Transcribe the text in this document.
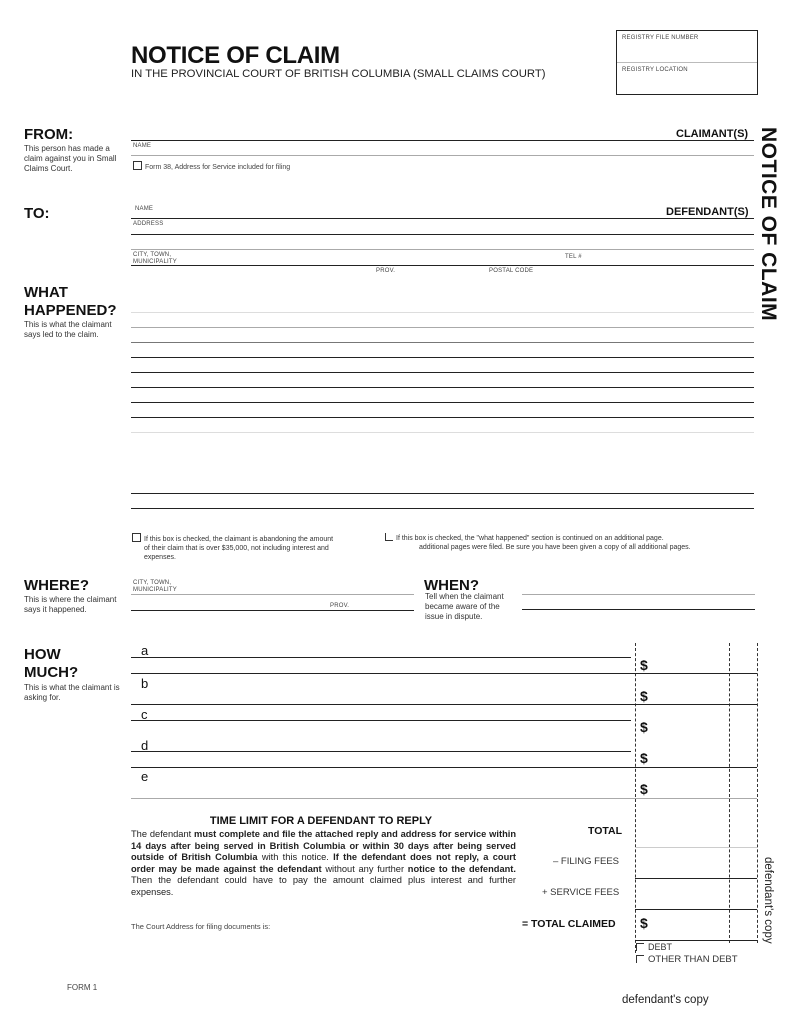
NOTICE OF CLAIM
IN THE PROVINCIAL COURT OF BRITISH COLUMBIA (SMALL CLAIMS COURT)
REGISTRY FILE NUMBER
REGISTRY LOCATION
NOTICE OF CLAIM
FROM:
This person has made a claim against you in Small Claims Court.
CLAIMANT(S)
NAME
Form 38, Address for Service included for filing
TO:	NAME	DEFENDANT(S)
ADDRESS
CITY, TOWN,
MUNICIPALITY
TEL #
PROV.	POSTAL CODE
WHAT
HAPPENED?
This is what the claimant says led to the claim.
If this box is checked, the claimant is abandoning the amount
of their claim that is over $35,000, not including interest and
expenses.
If this box is checked, the "what happened" section is continued on an additional page.
additional pages were filed. Be sure you have been given a copy of all additional pages.
WHERE?
This is where the claimant says it happened.
CITY, TOWN,
MUNICIPALITY
PROV.
WHEN?
Tell when the claimant became aware of the issue in dispute.
HOW
MUCH?
This is what the claimant is asking for.
a
$
b
$
c
$
d
$
e
$
TIME LIMIT FOR A DEFENDANT TO REPLY
The defendant must complete and file the attached reply and address for service within 14 days after being served in British Columbia or within 30 days after being served outside of British Columbia with this notice. If the defendant does not reply, a court order may be made against the defendant without any further notice to the defendant. Then the defendant could have to pay the amount claimed plus interest and further expenses.
The Court Address for filing documents is:
TOTAL
– FILING FEES
+ SERVICE FEES
= TOTAL CLAIMED $
DEBT
OTHER THAN DEBT
defendant's copy
FORM 1
defendant's copy
